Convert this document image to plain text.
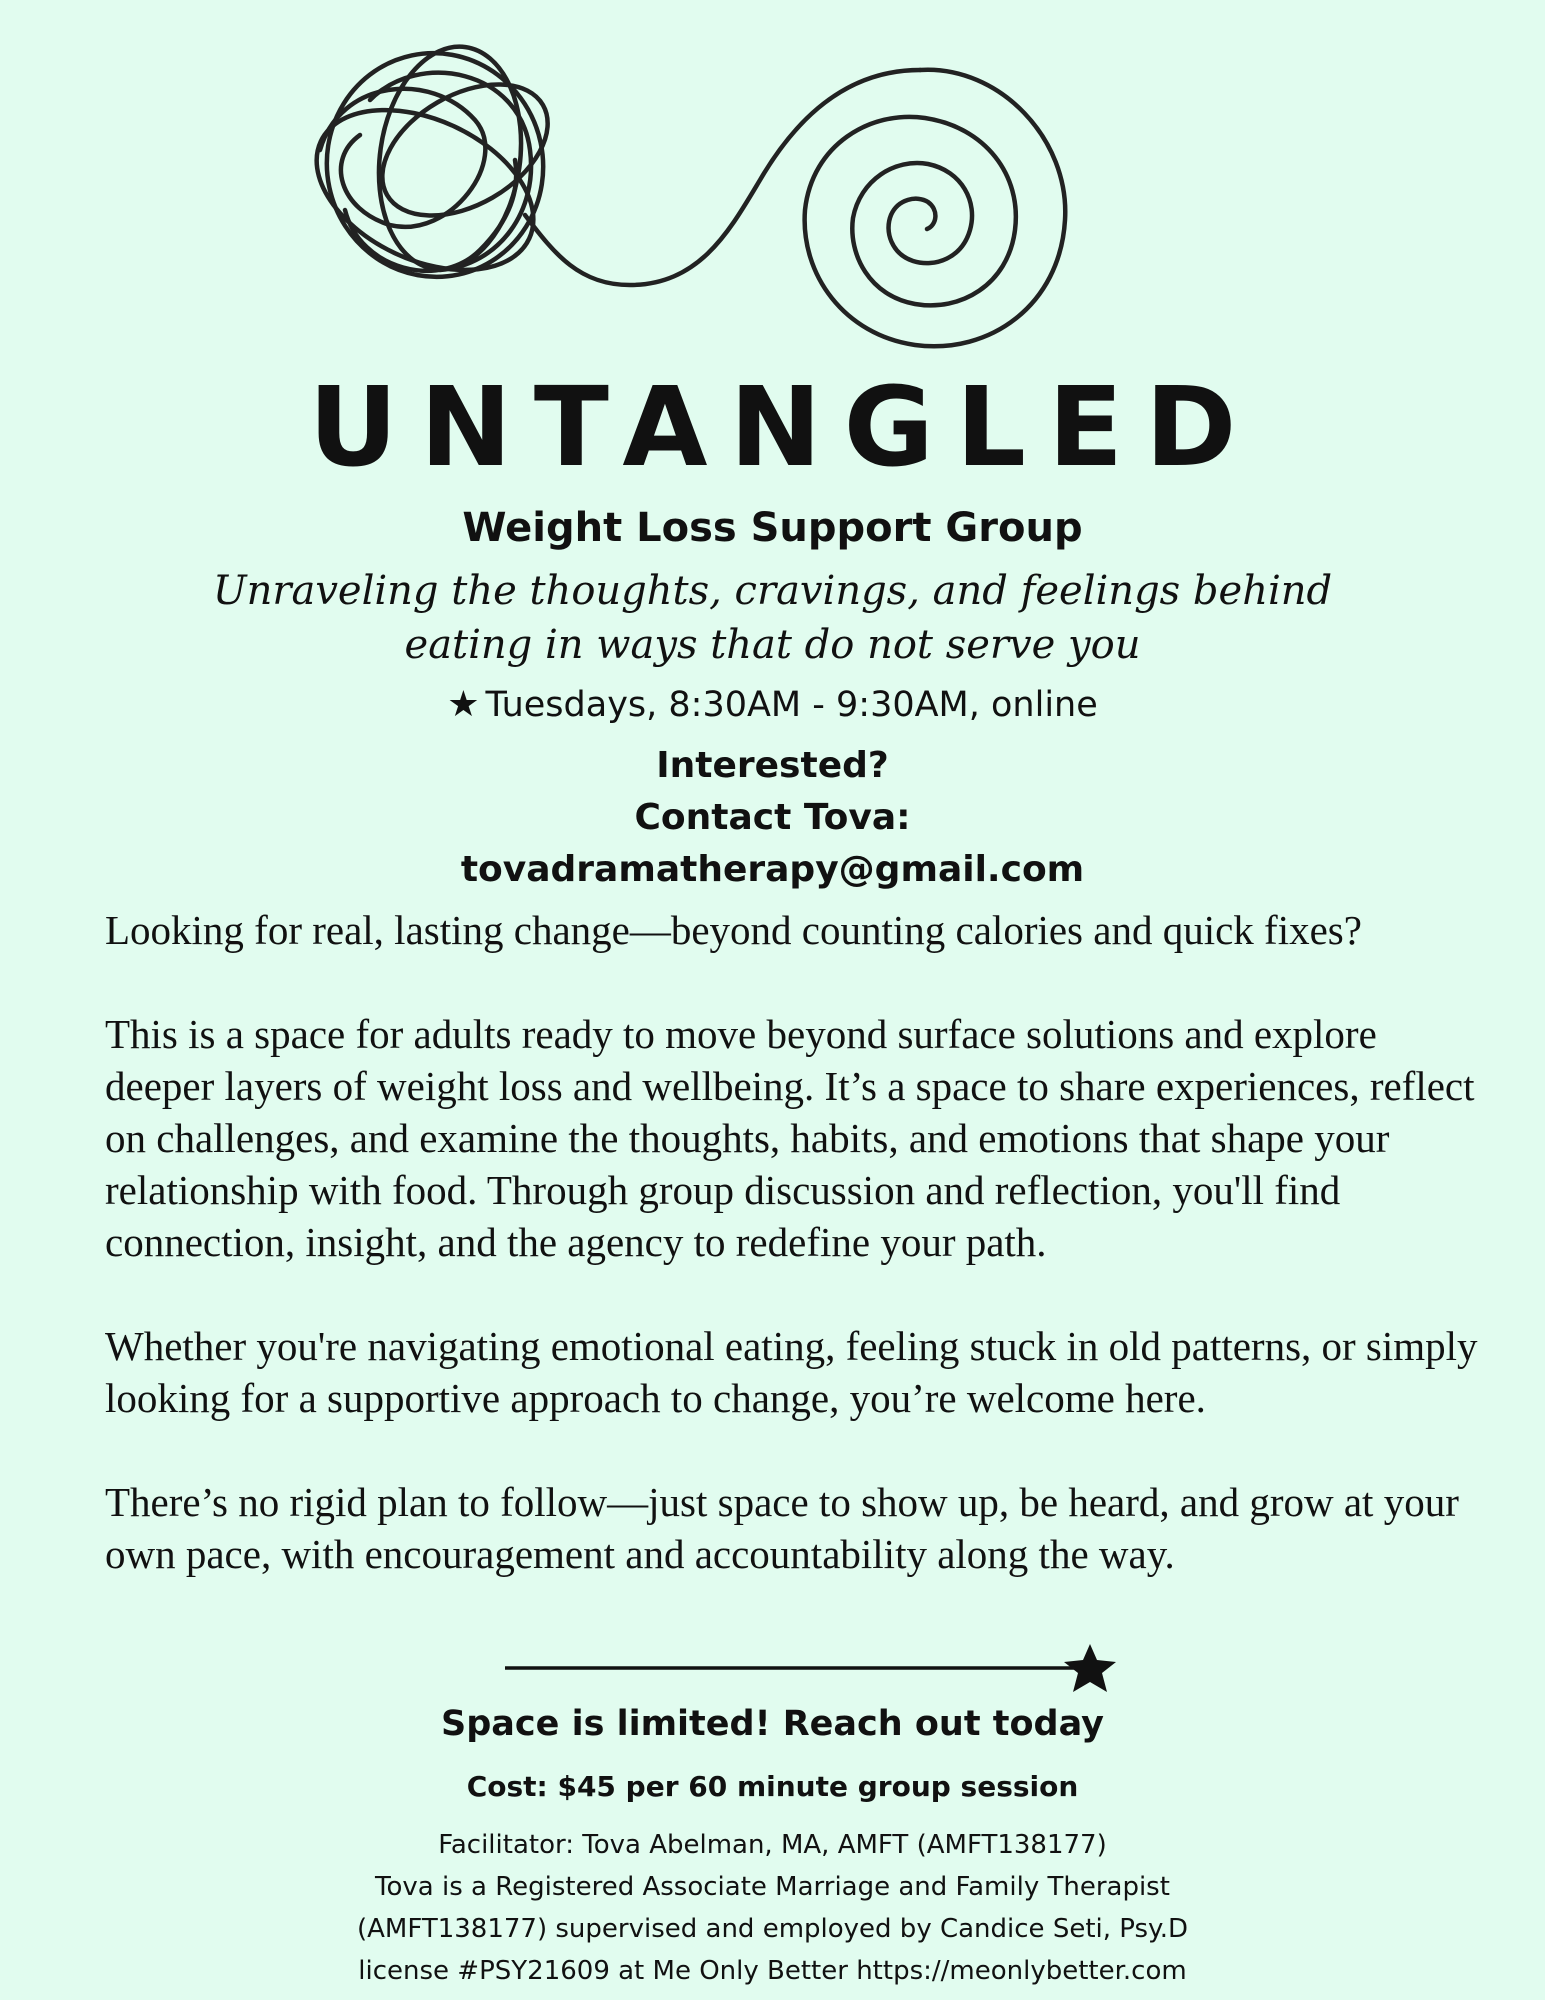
UNTANGLED
Weight Loss Support Group
Unraveling the thoughts, cravings, and feelings behind eating in ways that do not serve you
★ Tuesdays, 8:30AM - 9:30AM, online
Interested?
Contact Tova:
tovadramatherapy@gmail.com

Looking for real, lasting change—beyond counting calories and quick fixes?

This is a space for adults ready to move beyond surface solutions and explore deeper layers of weight loss and wellbeing. It’s a space to share experiences, reflect on challenges, and examine the thoughts, habits, and emotions that shape your relationship with food. Through group discussion and reflection, you'll find connection, insight, and the agency to redefine your path.

Whether you're navigating emotional eating, feeling stuck in old patterns, or simply looking for a supportive approach to change, you’re welcome here.

There’s no rigid plan to follow—just space to show up, be heard, and grow at your own pace, with encouragement and accountability along the way.

Space is limited! Reach out today
Cost: $45 per 60 minute group session
Facilitator: Tova Abelman, MA, AMFT (AMFT138177)
Tova is a Registered Associate Marriage and Family Therapist
(AMFT138177) supervised and employed by Candice Seti, Psy.D
license #PSY21609 at Me Only Better https://meonlybetter.com
